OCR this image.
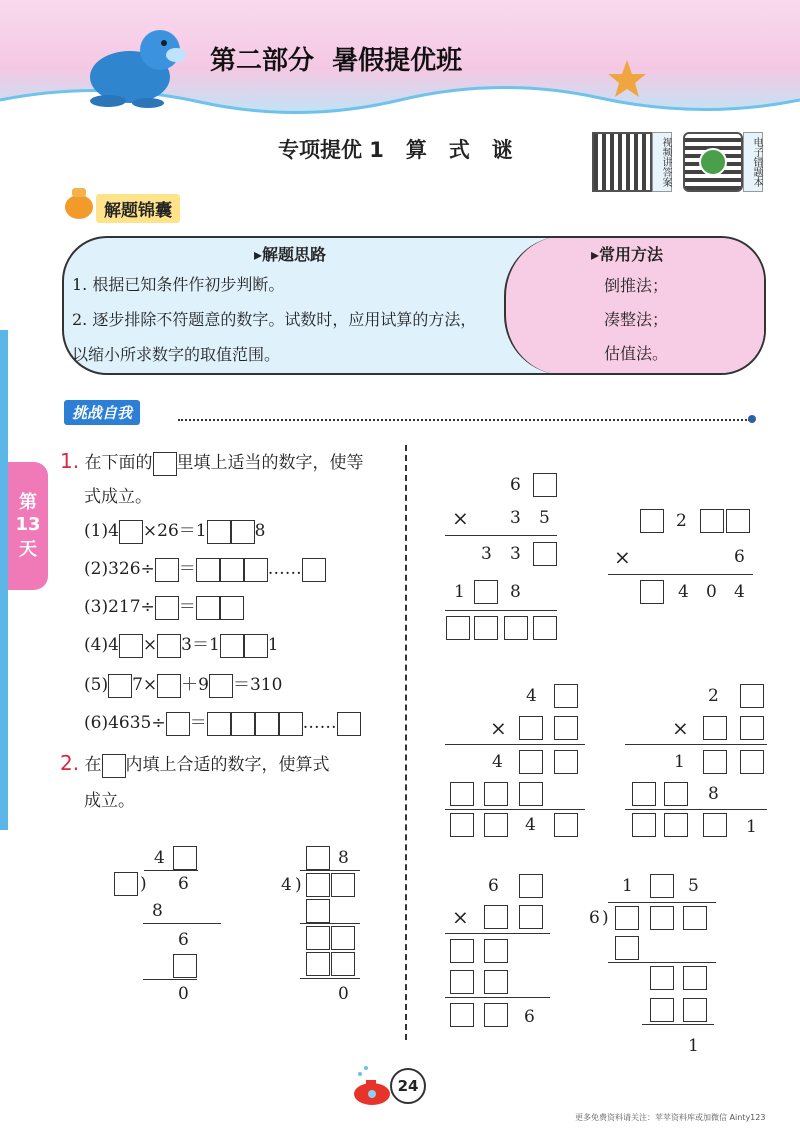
第二部分  暑假提优班
专项提优 1   算   式   谜	视频讲答案	电子错题本
解题锦囊
▸解题思路
1. 根据已知条件作初步判断。
2. 逐步排除不符题意的数字。试数时，应用试算的方法，
以缩小所求数字的取值范围。
▸常用方法
倒推法；
凑整法；
估值法。
挑战自我
第
13
天
1. 在下面的 里填上适当的数字，使等
式成立。
(1)4 ×26＝1	8
(2)326÷ ＝	……
(3)217÷ ＝
(4)4 × 3＝1	1
(5) 7× ＋9 ＝310
(6)4635÷ ＝	……
2. 在 内填上合适的数字，使算式
成立。
4
) 6
8
6
0
8
4 )
0
6
× 3 5
3 3
1	8
2
×	6
4 0 4
4
×
4
4
2
×
1
8
1
6
×
6
1	5
6 )
1
24
更多免费资料请关注：苹苹资料库或加微信 Ainty123
